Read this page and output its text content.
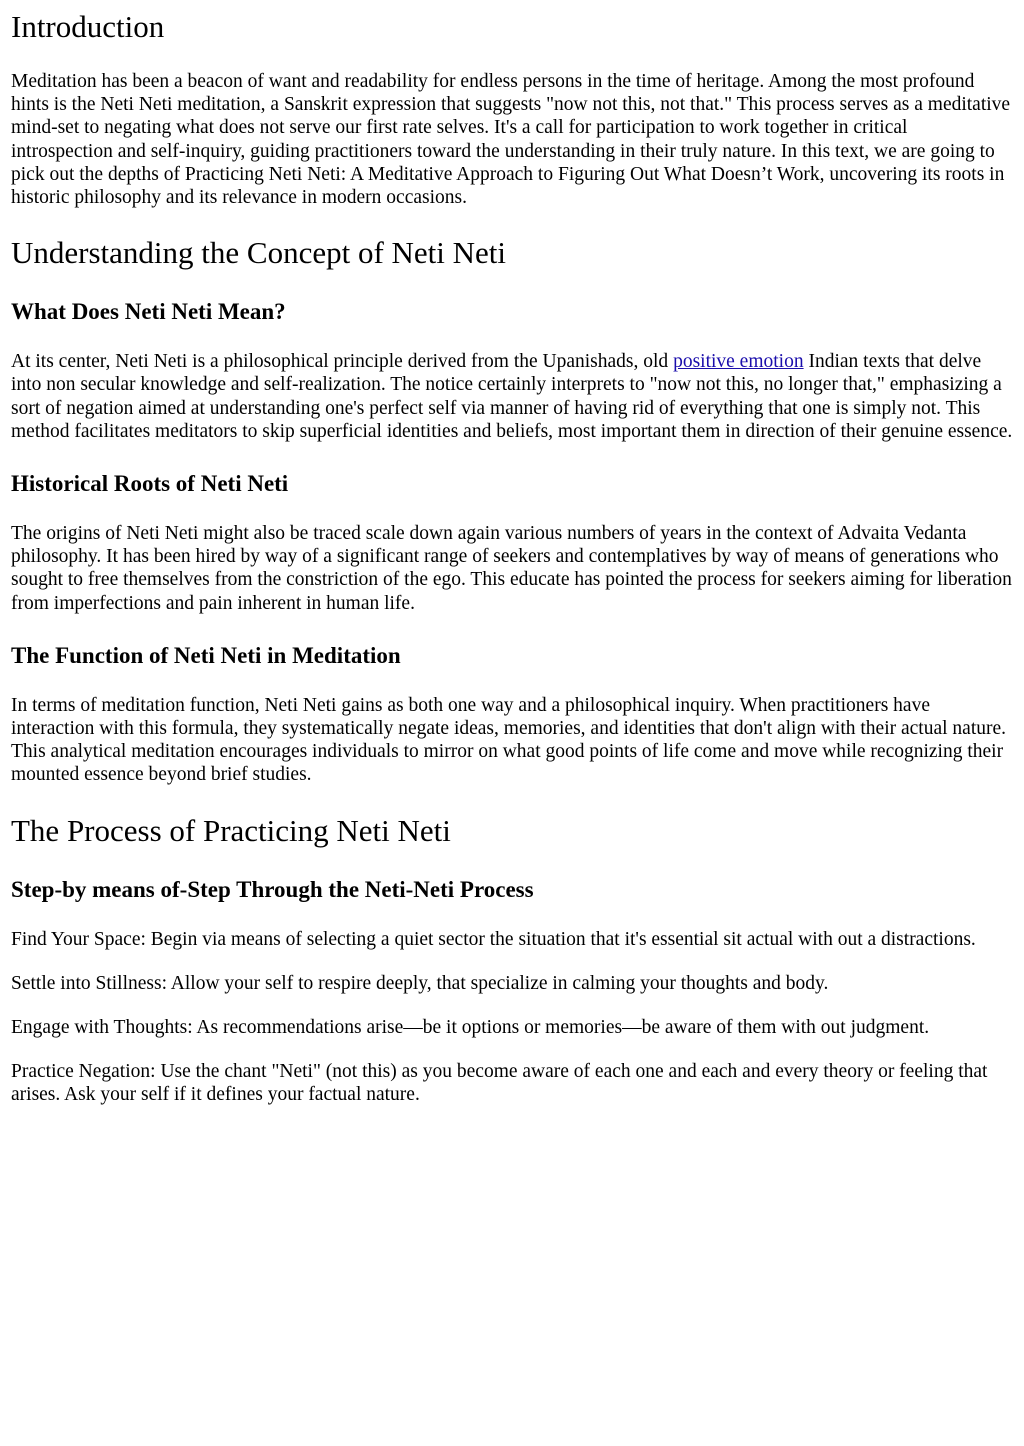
Introduction

Meditation has been a beacon of want and readability for endless persons in the time of heritage. Among the most profound hints is the Neti Neti meditation, a Sanskrit expression that suggests "now not this, not that." This process serves as a meditative mind-set to negating what does not serve our first rate selves. It's a call for participation to work together in critical introspection and self-inquiry, guiding practitioners toward the understanding in their truly nature. In this text, we are going to pick out the depths of Practicing Neti Neti: A Meditative Approach to Figuring Out What Doesn’t Work, uncovering its roots in historic philosophy and its relevance in modern occasions.

Understanding the Concept of Neti Neti
What Does Neti Neti Mean?

At its center, Neti Neti is a philosophical principle derived from the Upanishads, old positive emotion Indian texts that delve into non secular knowledge and self-realization. The notice certainly interprets to "now not this, no longer that," emphasizing a sort of negation aimed at understanding one's perfect self via manner of having rid of everything that one is simply not. This method facilitates meditators to skip superficial identities and beliefs, most important them in direction of their genuine essence.

Historical Roots of Neti Neti

The origins of Neti Neti might also be traced scale down again various numbers of years in the context of Advaita Vedanta philosophy. It has been hired by way of a significant range of seekers and contemplatives by way of means of generations who sought to free themselves from the constriction of the ego. This educate has pointed the process for seekers aiming for liberation from imperfections and pain inherent in human life.

The Function of Neti Neti in Meditation

In terms of meditation function, Neti Neti gains as both one way and a philosophical inquiry. When practitioners have interaction with this formula, they systematically negate ideas, memories, and identities that don't align with their actual nature. This analytical meditation encourages individuals to mirror on what good points of life come and move while recognizing their mounted essence beyond brief studies.

The Process of Practicing Neti Neti
Step-by means of-Step Through the Neti-Neti Process

Find Your Space: Begin via means of selecting a quiet sector the situation that it's essential sit actual with out a distractions.

Settle into Stillness: Allow your self to respire deeply, that specialize in calming your thoughts and body.

Engage with Thoughts: As recommendations arise—be it options or memories—be aware of them with out judgment.

Practice Negation: Use the chant "Neti" (not this) as you become aware of each one and each and every theory or feeling that arises. Ask your self if it defines your factual nature.
